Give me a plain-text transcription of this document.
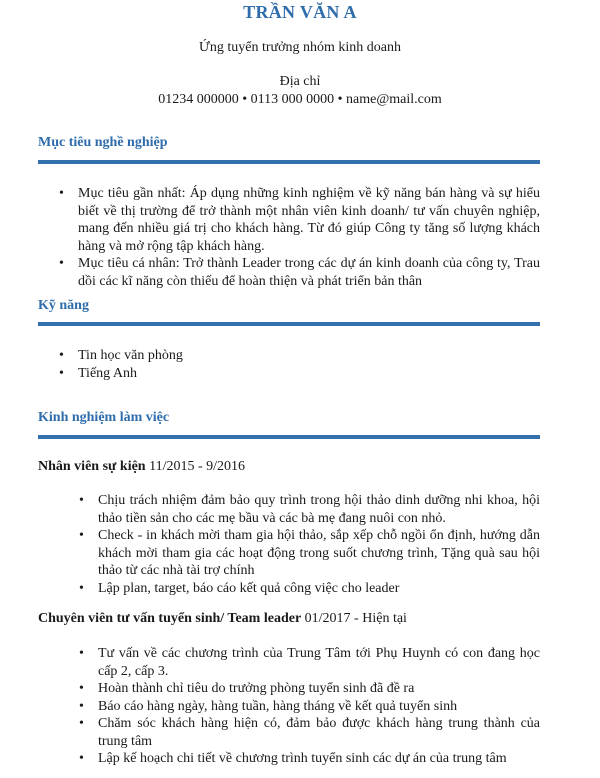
TRẦN VĂN A
Ứng tuyển trưởng nhóm kinh doanh
Địa chỉ
01234 000000 • 0113 000 0000 • name@mail.com
Mục tiêu nghề nghiệp
• Mục tiêu gần nhất: Áp dụng những kinh nghiệm về kỹ năng bán hàng và sự hiểu biết về thị trường để trở thành một nhân viên kinh doanh/ tư vấn chuyên nghiệp, mang đến nhiều giá trị cho khách hàng. Từ đó giúp Công ty tăng số lượng khách hàng và mở rộng tập khách hàng.
• Mục tiêu cá nhân: Trở thành Leader trong các dự án kinh doanh của công ty, Trau dồi các kĩ năng còn thiếu để hoàn thiện và phát triển bản thân
Kỹ năng
• Tin học văn phòng
• Tiếng Anh
Kinh nghiệm làm việc
Nhân viên sự kiện 11/2015 - 9/2016
• Chịu trách nhiệm đảm bảo quy trình trong hội thảo dinh dưỡng nhi khoa, hội thảo tiền sản cho các mẹ bầu và các bà mẹ đang nuôi con nhỏ.
• Check - in khách mời tham gia hội thảo, sắp xếp chỗ ngồi ổn định, hướng dẫn khách mời tham gia các hoạt động trong suốt chương trình, Tặng quà sau hội thảo từ các nhà tài trợ chính
• Lập plan, target, báo cáo kết quả công việc cho leader
Chuyên viên tư vấn tuyển sinh/ Team leader 01/2017 - Hiện tại
• Tư vấn về các chương trình của Trung Tâm tới Phụ Huynh có con đang học cấp 2, cấp 3.
• Hoàn thành chỉ tiêu do trưởng phòng tuyển sinh đã đề ra
• Báo cáo hàng ngày, hàng tuần, hàng tháng về kết quả tuyển sinh
• Chăm sóc khách hàng hiện có, đảm bảo được khách hàng trung thành của trung tâm
• Lập kế hoạch chi tiết về chương trình tuyển sinh các dự án của trung tâm
